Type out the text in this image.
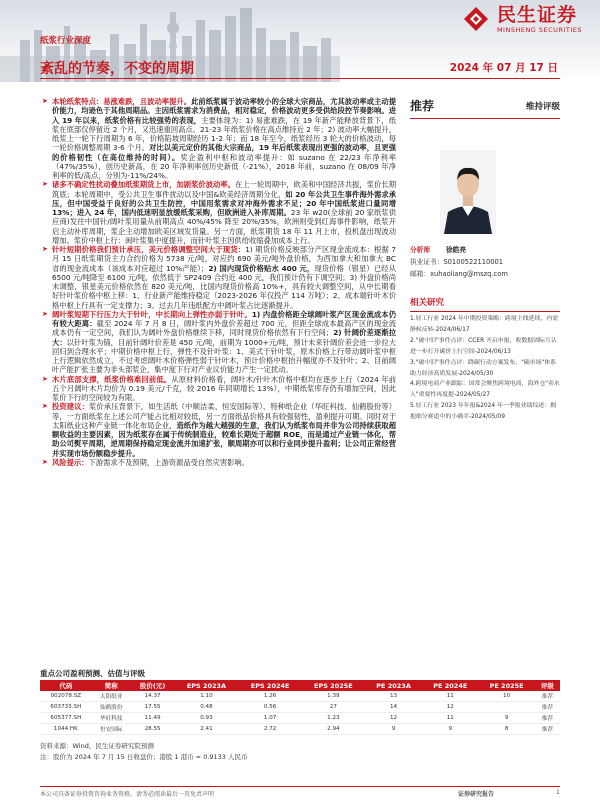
民生证券
MINSHENG SECURITIES
纸浆行业深度
紊乱的节奏，不变的周期	2024 年 07 月 17 日
➤ 本轮纸浆特点：易涨难跌，且波动率提升。此前纸浆属于波动率较小的全球大宗商品，尤其波动率或主动提价能力，均逊色于其他周期品。主因纸浆需求为消费品，相对稳定，价格波动更多受供给段控节奏影响。进入 19 年以来，纸浆价格有比较强势的表现，主要体现为：1) 易涨难跌，在 19 年新产能释放背景下，纸浆在底部仅停留近 2 个月，又迅速重回高点。21-23 年纸浆价格在高点维持近 2 年；2) 波动率大幅提升，纸浆上一轮下行周期为 6 年，价格陷坡周期经历 1-2 年；而 18 年至今，纸浆经历 3 轮大的价格波动，每一轮价格调整周期 3-6 个月。对比以美元定价的其他大宗商品，19 年后纸浆表现出更强的波动率，且更强的价格韧性（在高位维持的时间）。奖企盈利中枢和波动率提升：如 suzano 在 22/23 年净利率（47%/35%），创历史新高，在 20 年净利率创历史新低（-21%），2018 年前，suzano 在 08/09 年净利率的低/高点，分别为-11%/24%。
➤ 诸多不确定性扰动叠加纸浆期货上市，加剧浆价波动率。在上一轮周期中，欧美和中国经济共振，浆价长期筑底；本轮周期中，受公共卫生事件扰动以及中国&欧美经济周期分化，如 20 年公共卫生事件海外需求承压，但中国受益于良好的公共卫生防控，中国用浆需求对冲海外需求不足；20 年中国纸浆进口量同增 13%；进入 24 年，国内低迷明显放缓纸浆采购，但欧洲进入补库周期。23 年 w20(全球前 20 家纸浆供应商)发往中国针/阔叶浆用量从前期高点 40%/45% 降至 20%/35%，欧洲则受到红海事件影响，纸浆开启主动补库周期，浆企主动增加欧美区域发货量。另一方面，纸浆期货 18 年 11 月上市，投机盘出现波动增加。浆价中枢上行：闽叶浆集中度提升，而针叶浆主因供给收缩叠加成本上行。
➤ 针叶短期价格我们预计承压，美元价格调整空间大于现货：1) 期货价格反映部分产区现金流成本：根据 7 月 15 日纸浆期货主力合约价格为 5738 元/吨，对应约 690 美元/吨外盘价格，为西加拿大和加拿大 BC 省的现金流成本（该成本对应超过 10%产能）；2) 国内现货价格贴水 400 元，现货价格（银星）已经从 6500 元/吨降至 6100 元/吨，依然低于 SP2409 合约近 400 元，我们预计仍有下调空间；3) 外盘价格尚未调整，银星美元价格依然在 820 美元/吨，比国内现货价格高 10%+，具有较大调整空间，从中长期看好针叶浆价格中枢上移：1、行业新产能维持稳定（2023-2026 年仅投产 114 万吨）；2、成本端针叶木价格中枢上行具有一定支撑力；3、过去几年违纸配方中阔叶浆占比逐渐提升。
➤ 阔叶浆短期下行压力大于针叶，中长期向上弹性亦弱于针叶。1) 内盘价格距全球阔叶浆产区现金流成本仍有较大距离：截至 2024 年 7 月 8 日，阔叶浆内外盘价差超过 700 元，但距全球成本最高产区的现金流成本仍有一定空间，我们认为阔叶外盘价格继续下移，同时现货价格依然有下行空间；2) 针阔价差逐渐拉大：以针叶浆为锚，目前针阔叶价差是 450 元/吨，前期为 1000+元/吨，预计未来针阔价差会进一步拉大回归到合理水平；中期价格中枢上行，弹性不及针叶浆：1、美式于针叶浆，原木价格上行带动阔叶浆中枢上行逻辑依然成立，不过考虑阔叶木价格弹性弱于针叶木，预计价格中枢抬升幅度亦不及针叶；2、目前阔叶产能扩张主要为非头部浆企，集中度下行对产业议价能力产生一定扰动。
➤ 木片底部支撑，纸浆价格难回前低。从原材料价格看，阔叶木/针叶木价格中枢均在逐步上行（2024 年前五个月阔叶木片均价为 0.19 美元/千克，较 2016 年同期增长 13%），中期纸浆库存仍有增加空间，因此浆价下行的空间较为有限。
➤ 投资建议：浆价承压背景下，如生活纸（中顺洁柔、恒安国际等）、特种纸企业（华旺科技、仙鹤股份等）等，一方面纸浆在上述公司产能占比相对较低，另一方面纸品价格具有较强韧性，盈利提升可期。同时对于太阳纸业这种产业链一体化布局企业，造纸作为越大越强的生意，我们认为纸浆布局并非为公司持续获取超额收益的主要因素，因为纸浆存在属于传统制造业，较难长期处于超额 ROE，而是通过产业链一体化，帮助公司熨平周期，逆周期保持稳定现金流并加速扩张，顺周期亦可以和行业同步提升盈利；让公司正常经营并实现市场份额稳步提升。
➤ 风险提示：下游需求不及预期，上游资源品受自然灾害影响。
推荐	维持评级
分析师 徐皓亮
执业证书：S0100522110001
邮箱：xuhaoliang@mszq.com
相关研究
1.轻工行业 2024 年中期投资策略：跨境主线延续，内需静候反转-2024/06/17
2."破中旧"事件点评：CCER 开启申报，收数据固际互认进一步打开碳价上行空间-2024/06/13
3."破中旧"事件点评：降碳行动方案发布，"碳市场"体系助力经济高质发展-2024/05/30
4.跨境电商产业跟踪：国常会聚焦跨境电商，海外仓"卖水人"重要性再度提-2024/05/27
5.轻工行业 2023 年年报&2024 年一季报业绩综述：拥抱细分赛道中的小确幸-2024/05/09
重点公司盈利预测、估值与评级
代码	简称	股价(元)	EPS 2023A	EPS 2024E	EPS 2025E	PE 2023A	PE 2024E	PE 2025E	评级
002078.SZ	太阳纸业	14.37	1.10	1.26	1.39	13	11	10	推荐
603733.SH	仙鹤股份	17.55	0.48	0.56	27	14	12		推荐
605377.SH	华旺科技	11.49	0.93	1.07	1.23	12	11	9	推荐
1044.HK	恒安国际	28.55	2.41	2.72	2.94	9	9	8	推荐
资料来源：Wind，民生证券研究院预测
注：股价为 2024 年 7 月 15 日收盘价；港股 1 港币 = 0.9133 人民币
本公司具备证券投资咨询业务资格，请务必阅读最后一页免责声明	证券研究报告	1
